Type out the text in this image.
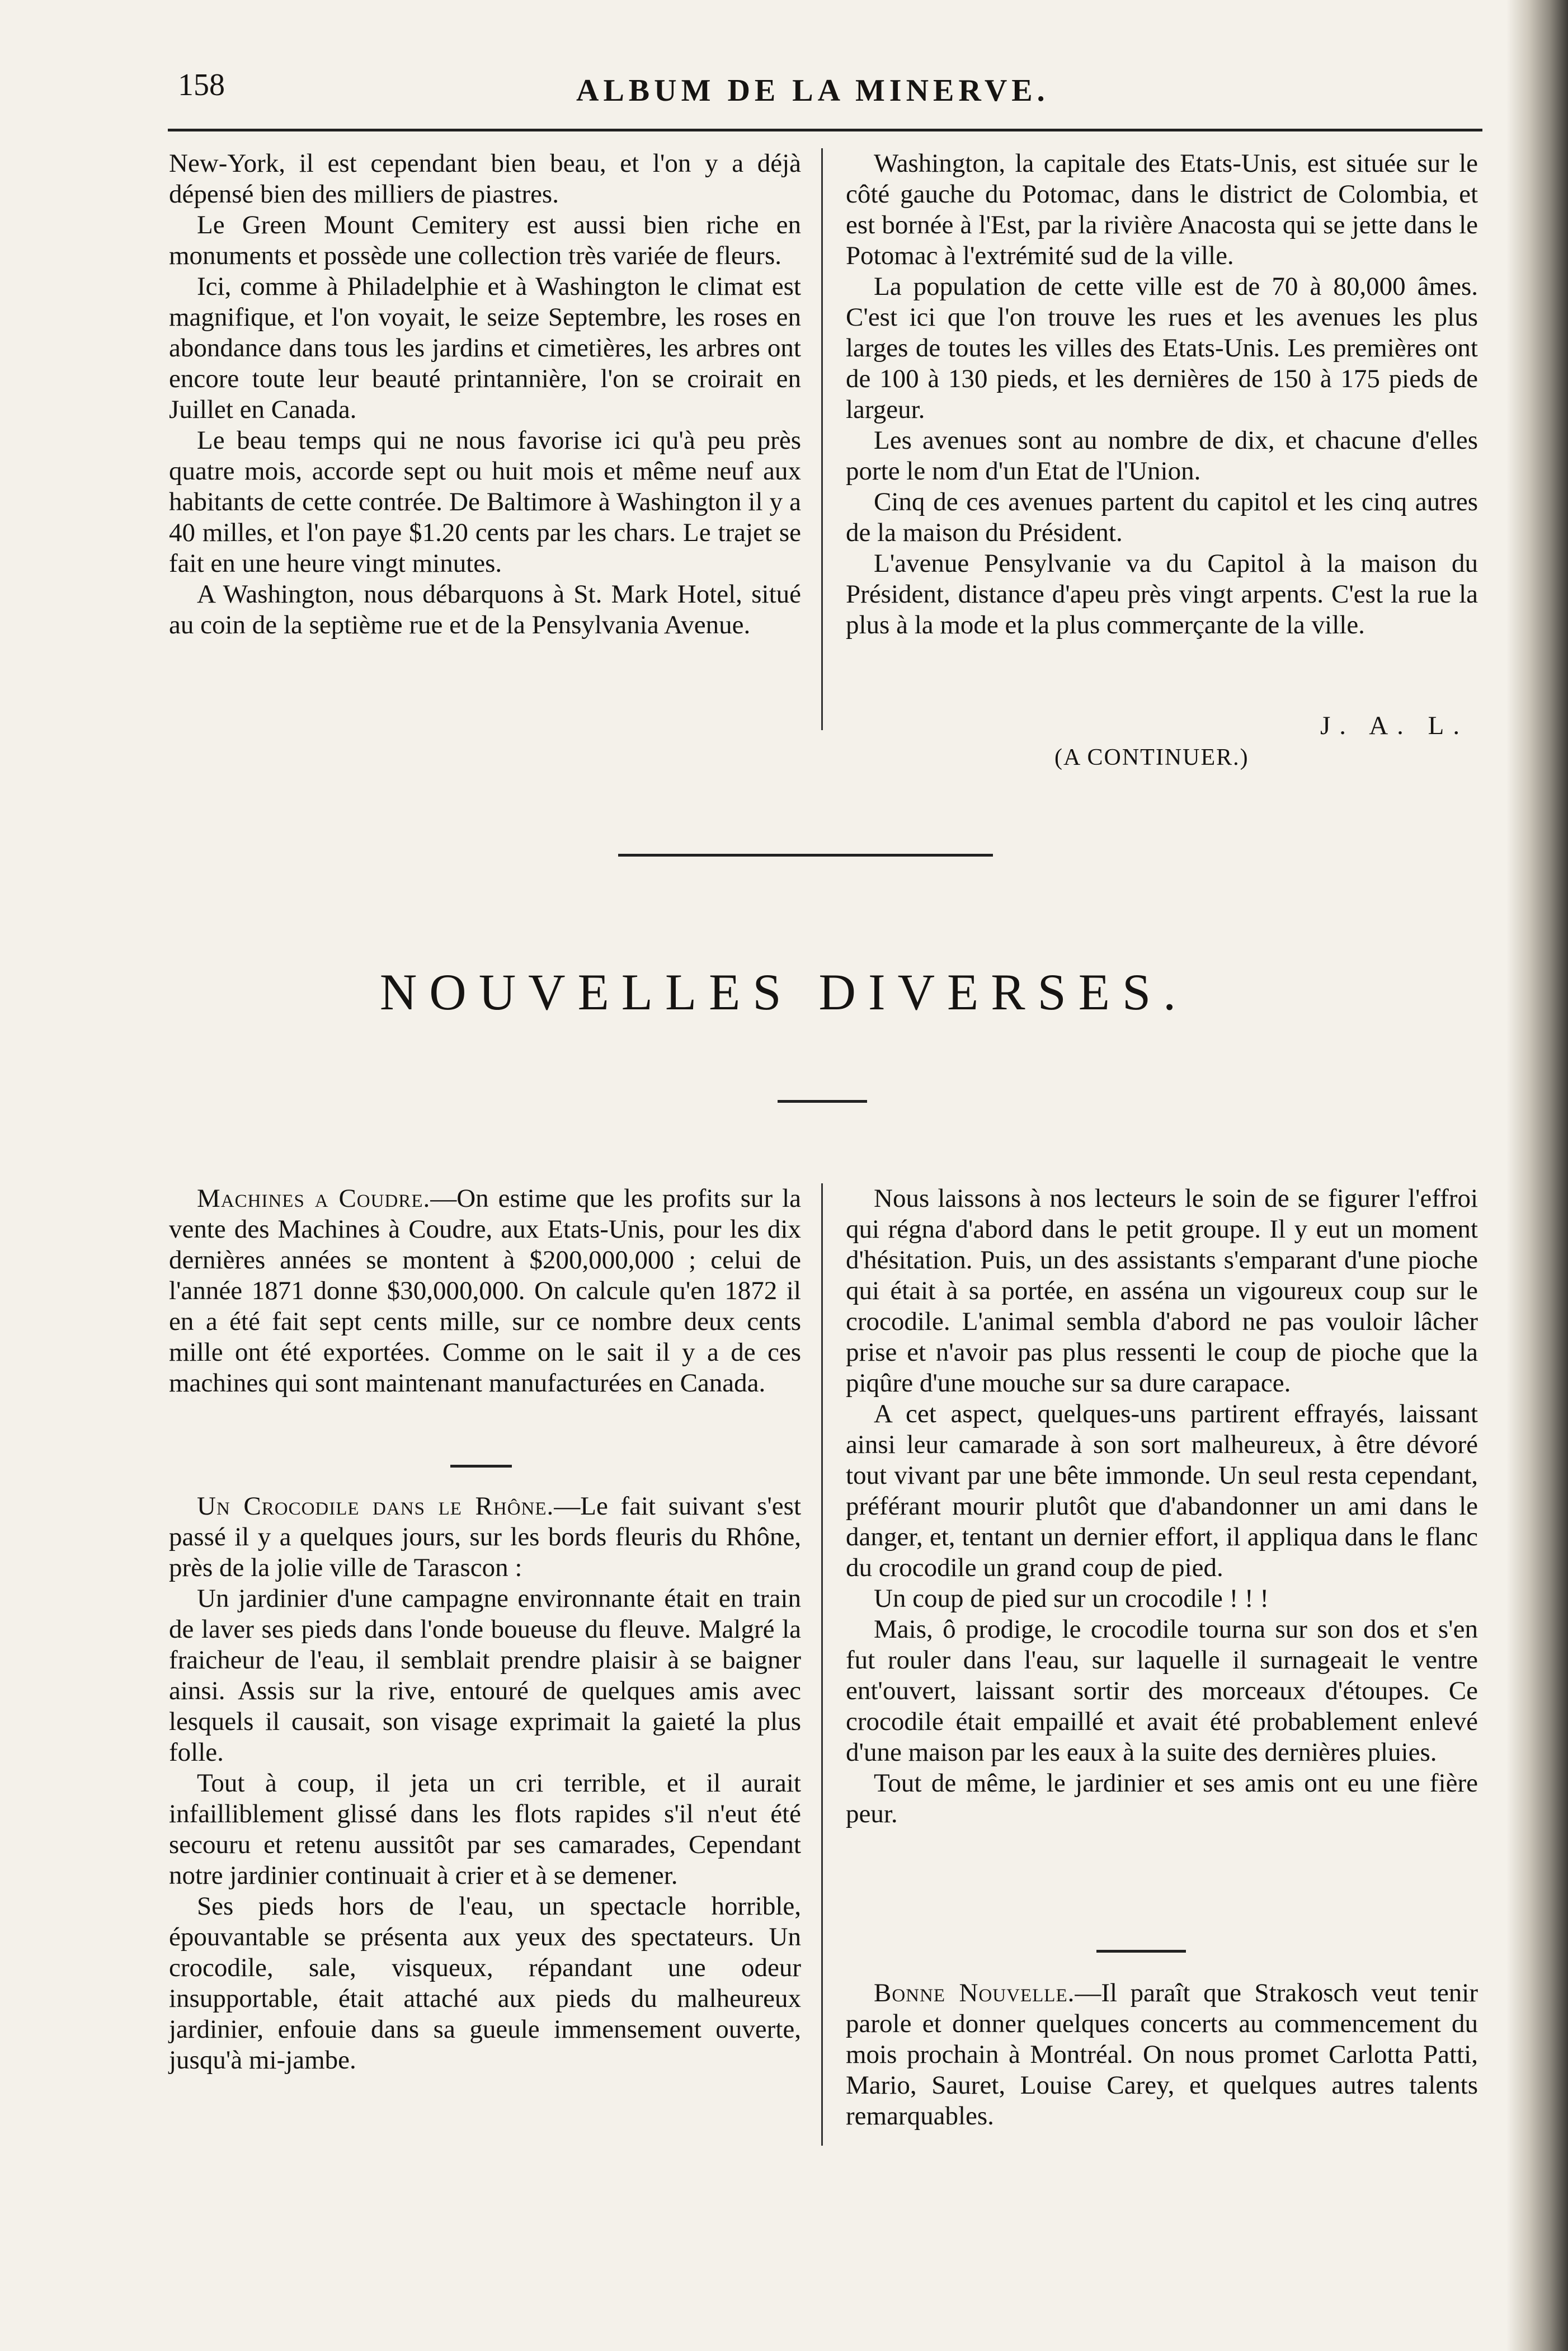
158	ALBUM DE LA MINERVE.

New-York, il est cependant bien beau, et l'on y a déjà dépensé bien des milliers de piastres.

Le Green Mount Cemitery est aussi bien riche en monuments et possède une collection très variée de fleurs.

Ici, comme à Philadelphie et à Washington le climat est magnifique, et l'on voyait, le seize Septembre, les roses en abondance dans tous les jardins et cimetières, les arbres ont encore toute leur beauté printannière, l'on se croirait en Juillet en Canada.

Le beau temps qui ne nous favorise ici qu'à peu près quatre mois, accorde sept ou huit mois et même neuf aux habitants de cette contrée. De Baltimore à Washington il y a 40 milles, et l'on paye $1.20 cents par les chars. Le trajet se fait en une heure vingt minutes.

A Washington, nous débarquons à St. Mark Hotel, situé au coin de la septième rue et de la Pensylvania Avenue.

Washington, la capitale des Etats-Unis, est située sur le côté gauche du Potomac, dans le district de Colombia, et est bornée à l'Est, par la rivière Anacosta qui se jette dans le Potomac à l'extrémité sud de la ville.

La population de cette ville est de 70 à 80,000 âmes. C'est ici que l'on trouve les rues et les avenues les plus larges de toutes les villes des Etats-Unis. Les premières ont de 100 à 130 pieds, et les dernières de 150 à 175 pieds de largeur.

Les avenues sont au nombre de dix, et chacune d'elles porte le nom d'un Etat de l'Union.

Cinq de ces avenues partent du capitol et les cinq autres de la maison du Président.

L'avenue Pensylvanie va du Capitol à la maison du Président, distance d'apeu près vingt arpents. C'est la rue la plus à la mode et la plus commerçante de la ville.

J. A. L.
(A CONTINUER.)
NOUVELLES DIVERSES.

Machines a Coudre.—On estime que les profits sur la vente des Machines à Coudre, aux Etats-Unis, pour les dix dernières années se montent à $200,000,000 ; celui de l'année 1871 donne $30,000,000. On calcule qu'en 1872 il en a été fait sept cents mille, sur ce nombre deux cents mille ont été exportées. Comme on le sait il y a de ces machines qui sont maintenant manufacturées en Canada.

Un Crocodile dans le Rhône.—Le fait suivant s'est passé il y a quelques jours, sur les bords fleuris du Rhône, près de la jolie ville de Tarascon :

Un jardinier d'une campagne environnante était en train de laver ses pieds dans l'onde boueuse du fleuve. Malgré la fraicheur de l'eau, il semblait prendre plaisir à se baigner ainsi. Assis sur la rive, entouré de quelques amis avec lesquels il causait, son visage exprimait la gaieté la plus folle.

Tout à coup, il jeta un cri terrible, et il aurait infailliblement glissé dans les flots rapides s'il n'eut été secouru et retenu aussitôt par ses camarades, Cependant notre jardinier continuait à crier et à se demener.

Ses pieds hors de l'eau, un spectacle horrible, épouvantable se présenta aux yeux des spectateurs. Un crocodile, sale, visqueux, répandant une odeur insupportable, était attaché aux pieds du malheureux jardinier, enfouie dans sa gueule immensement ouverte, jusqu'à mi-jambe.

Nous laissons à nos lecteurs le soin de se figurer l'effroi qui régna d'abord dans le petit groupe. Il y eut un moment d'hésitation. Puis, un des assistants s'emparant d'une pioche qui était à sa portée, en asséna un vigoureux coup sur le crocodile. L'animal sembla d'abord ne pas vouloir lâcher prise et n'avoir pas plus ressenti le coup de pioche que la piqûre d'une mouche sur sa dure carapace.

A cet aspect, quelques-uns partirent effrayés, laissant ainsi leur camarade à son sort malheureux, à être dévoré tout vivant par une bête immonde. Un seul resta cependant, préférant mourir plutôt que d'abandonner un ami dans le danger, et, tentant un dernier effort, il appliqua dans le flanc du crocodile un grand coup de pied.

Un coup de pied sur un crocodile ! ! !

Mais, ô prodige, le crocodile tourna sur son dos et s'en fut rouler dans l'eau, sur laquelle il surnageait le ventre ent'ouvert, laissant sortir des morceaux d'étoupes. Ce crocodile était empaillé et avait été probablement enlevé d'une maison par les eaux à la suite des dernières pluies.

Tout de même, le jardinier et ses amis ont eu une fière peur.

Bonne Nouvelle.—Il paraît que Strakosch veut tenir parole et donner quelques concerts au commencement du mois prochain à Montréal. On nous promet Carlotta Patti, Mario, Sauret, Louise Carey, et quelques autres talents remarquables.
